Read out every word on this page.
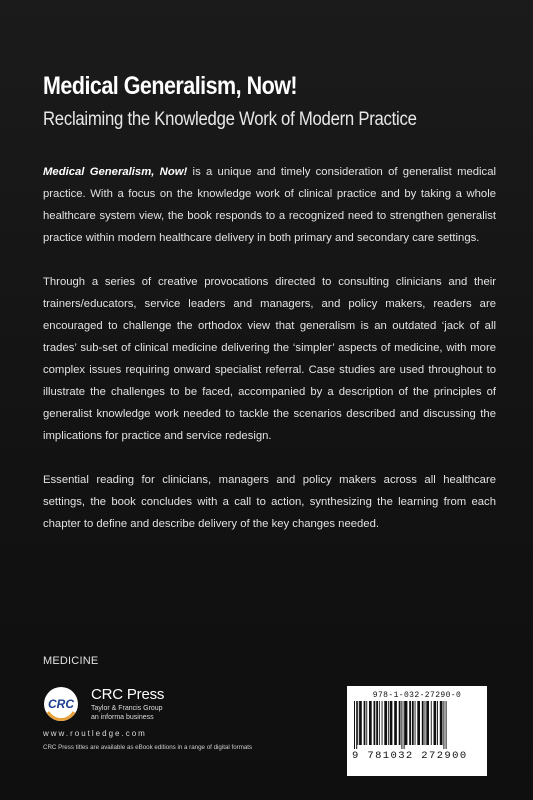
Medical Generalism, Now!
Reclaiming the Knowledge Work of Modern Practice

Medical Generalism, Now! is a unique and timely consideration of generalist medical practice. With a focus on the knowledge work of clinical practice and by taking a whole healthcare system view, the book responds to a recognized need to strengthen generalist practice within modern healthcare delivery in both primary and secondary care settings.

Through a series of creative provocations directed to consulting clinicians and their trainers/educators, service leaders and managers, and policy makers, readers are encouraged to challenge the orthodox view that generalism is an outdated ‘jack of all trades’ sub-set of clinical medicine delivering the ‘simpler’ aspects of medicine, with more complex issues requiring onward specialist referral. Case studies are used throughout to illustrate the challenges to be faced, accompanied by a description of the principles of generalist knowledge work needed to tackle the scenarios described and discussing the implications for practice and service redesign.

Essential reading for clinicians, managers and policy makers across all healthcare settings, the book concludes with a call to action, synthesizing the learning from each chapter to define and describe delivery of the key changes needed.

MEDICINE
CRC
CRC Press
Taylor & Francis Group
an informa business
www.routledge.com
CRC Press titles are available as eBook editions in a range of digital formats
978-1-032-27290-0
9 781032 272900
